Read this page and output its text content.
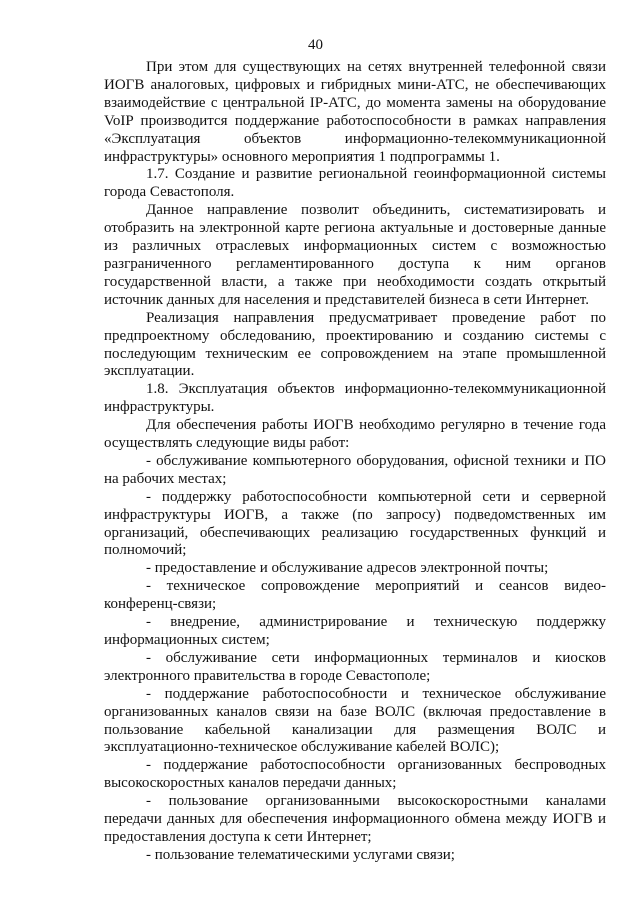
40

При этом для существующих на сетях внутренней телефонной связи ИОГВ аналоговых, цифровых и гибридных мини-АТС, не обеспечивающих взаимодействие с центральной IP-АТС, до момента замены на оборудование VoIP производится поддержание работоспособности в рамках направления «Эксплуатация объектов информационно-телекоммуникационной инфраструктуры» основного мероприятия 1 подпрограммы 1.

1.7. Создание и развитие региональной геоинформационной системы города Севастополя.

Данное направление позволит объединить, систематизировать и отобразить на электронной карте региона актуальные и достоверные данные из различных отраслевых информационных систем с возможностью разграниченного регламентированного доступа к ним органов государственной власти, а также при необходимости создать открытый источник данных для населения и представителей бизнеса в сети Интернет.

Реализация направления предусматривает проведение работ по предпроектному обследованию, проектированию и созданию системы с последующим техническим ее сопровождением на этапе промышленной эксплуатации.

1.8. Эксплуатация объектов информационно-телекоммуникационной инфраструктуры.

Для обеспечения работы ИОГВ необходимо регулярно в течение года осуществлять следующие виды работ:

- обслуживание компьютерного оборудования, офисной техники и ПО на рабочих местах;

- поддержку работоспособности компьютерной сети и серверной инфраструктуры ИОГВ, а также (по запросу) подведомственных им организаций, обеспечивающих реализацию государственных функций и полномочий;

- предоставление и обслуживание адресов электронной почты;

- техническое сопровождение мероприятий и сеансов видео-конференц-связи;

- внедрение, администрирование и техническую поддержку информационных систем;

- обслуживание сети информационных терминалов и киосков электронного правительства в городе Севастополе;

- поддержание работоспособности и техническое обслуживание организованных каналов связи на базе ВОЛС (включая предоставление в пользование кабельной канализации для размещения ВОЛС и эксплуатационно-техническое обслуживание кабелей ВОЛС);

- поддержание работоспособности организованных беспроводных высокоскоростных каналов передачи данных;

- пользование организованными высокоскоростными каналами передачи данных для обеспечения информационного обмена между ИОГВ и предоставления доступа к сети Интернет;

- пользование телематическими услугами связи;
